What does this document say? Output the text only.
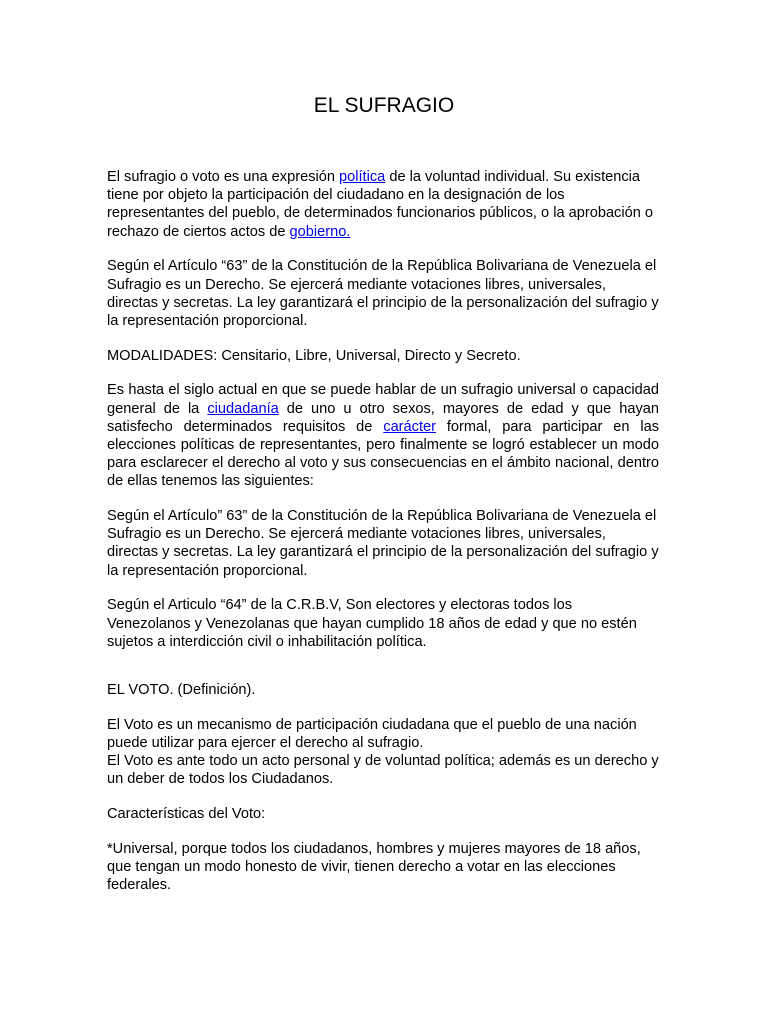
EL SUFRAGIO

El sufragio o voto es una expresión política de la voluntad individual. Su existencia tiene por objeto la participación del ciudadano en la designación de los representantes del pueblo, de determinados funcionarios públicos, o la aprobación o rechazo de ciertos actos de gobierno.

Según el Artículo “63” de la Constitución de la República Bolivariana de Venezuela el Sufragio es un Derecho. Se ejercerá mediante votaciones libres, universales, directas y secretas. La ley garantizará el principio de la personalización del sufragio y la representación proporcional.

MODALIDADES: Censitario, Libre, Universal, Directo y Secreto.

Es hasta el siglo actual en que se puede hablar de un sufragio universal o capacidad general de la ciudadanía de uno u otro sexos, mayores de edad y que hayan satisfecho determinados requisitos de carácter formal, para participar en las elecciones políticas de representantes, pero finalmente se logró establecer un modo para esclarecer el derecho al voto y sus consecuencias en el ámbito nacional, dentro de ellas tenemos las siguientes:

Según el Artículo” 63” de la Constitución de la República Bolivariana de Venezuela el Sufragio es un Derecho. Se ejercerá mediante votaciones libres, universales, directas y secretas. La ley garantizará el principio de la personalización del sufragio y la representación proporcional.

Según el Articulo “64” de la C.R.B.V, Son electores y electoras todos los Venezolanos y Venezolanas que hayan cumplido 18 años de edad y que no estén sujetos a interdicción civil o inhabilitación política.

EL VOTO. (Definición).

El Voto es un mecanismo de participación ciudadana que el pueblo de una nación puede utilizar para ejercer el derecho al sufragio.

El Voto es ante todo un acto personal y de voluntad política; además es un derecho y un deber de todos los Ciudadanos.

Características del Voto:

*Universal, porque todos los ciudadanos, hombres y mujeres mayores de 18 años, que tengan un modo honesto de vivir, tienen derecho a votar en las elecciones federales.
